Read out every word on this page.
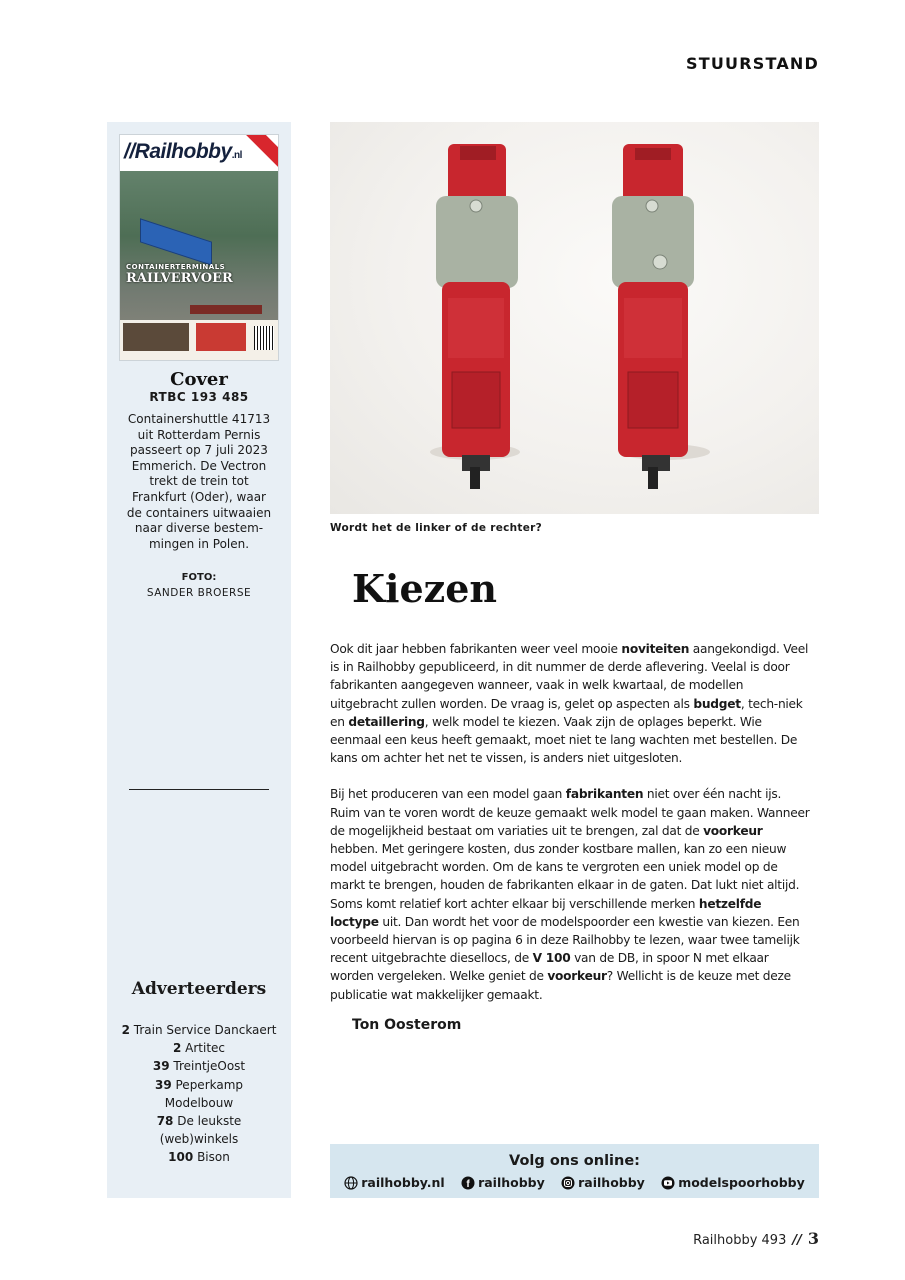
STUURSTAND
//Railhobby.nl
CONTAINERTERMINALS
RAILVERVOER
Cover
RTBC 193 485
Containershuttle 41713 uit Rotterdam Pernis passeert op 7 juli 2023 Emmerich. De Vectron trekt de trein tot Frankfurt (Oder), waar de containers uitwaaien naar diverse bestem-mingen in Polen.
FOTO:
SANDER BROERSE
Adverteerders
2 Train Service Danckaert
2 Artitec
39 TreintjeOost
39 Peperkamp Modelbouw
78 De leukste (web)winkels
100 Bison
Wordt het de linker of de rechter?
Kiezen

Ook dit jaar hebben fabrikanten weer veel mooie noviteiten aangekondigd. Veel is in Railhobby gepubliceerd, in dit nummer de derde aflevering. Veelal is door fabrikanten aangegeven wanneer, vaak in welk kwartaal, de modellen uitgebracht zullen worden. De vraag is, gelet op aspecten als budget, tech-niek en detaillering, welk model te kiezen. Vaak zijn de oplages beperkt. Wie eenmaal een keus heeft gemaakt, moet niet te lang wachten met bestellen. De kans om achter het net te vissen, is anders niet uitgesloten.

Bij het produceren van een model gaan fabrikanten niet over één nacht ijs. Ruim van te voren wordt de keuze gemaakt welk model te gaan maken. Wanneer de mogelijkheid bestaat om variaties uit te brengen, zal dat de voorkeur hebben. Met geringere kosten, dus zonder kostbare mallen, kan zo een nieuw model uitgebracht worden. Om de kans te vergroten een uniek model op de markt te brengen, houden de fabrikanten elkaar in de gaten. Dat lukt niet altijd. Soms komt relatief kort achter elkaar bij verschillende merken hetzelfde loctype uit. Dan wordt het voor de modelspoorder een kwestie van kiezen. Een voorbeeld hiervan is op pagina 6 in deze Railhobby te lezen, waar twee tamelijk recent uitgebrachte diesellocs, de V 100 van de DB, in spoor N met elkaar worden vergeleken. Welke geniet de voorkeur? Wellicht is de keuze met deze publicatie wat makkelijker gemaakt.

Ton Oosterom
Volg ons online:
railhobby.nl f railhobby	railhobby	modelspoorhobby
Railhobby 493 // 3
